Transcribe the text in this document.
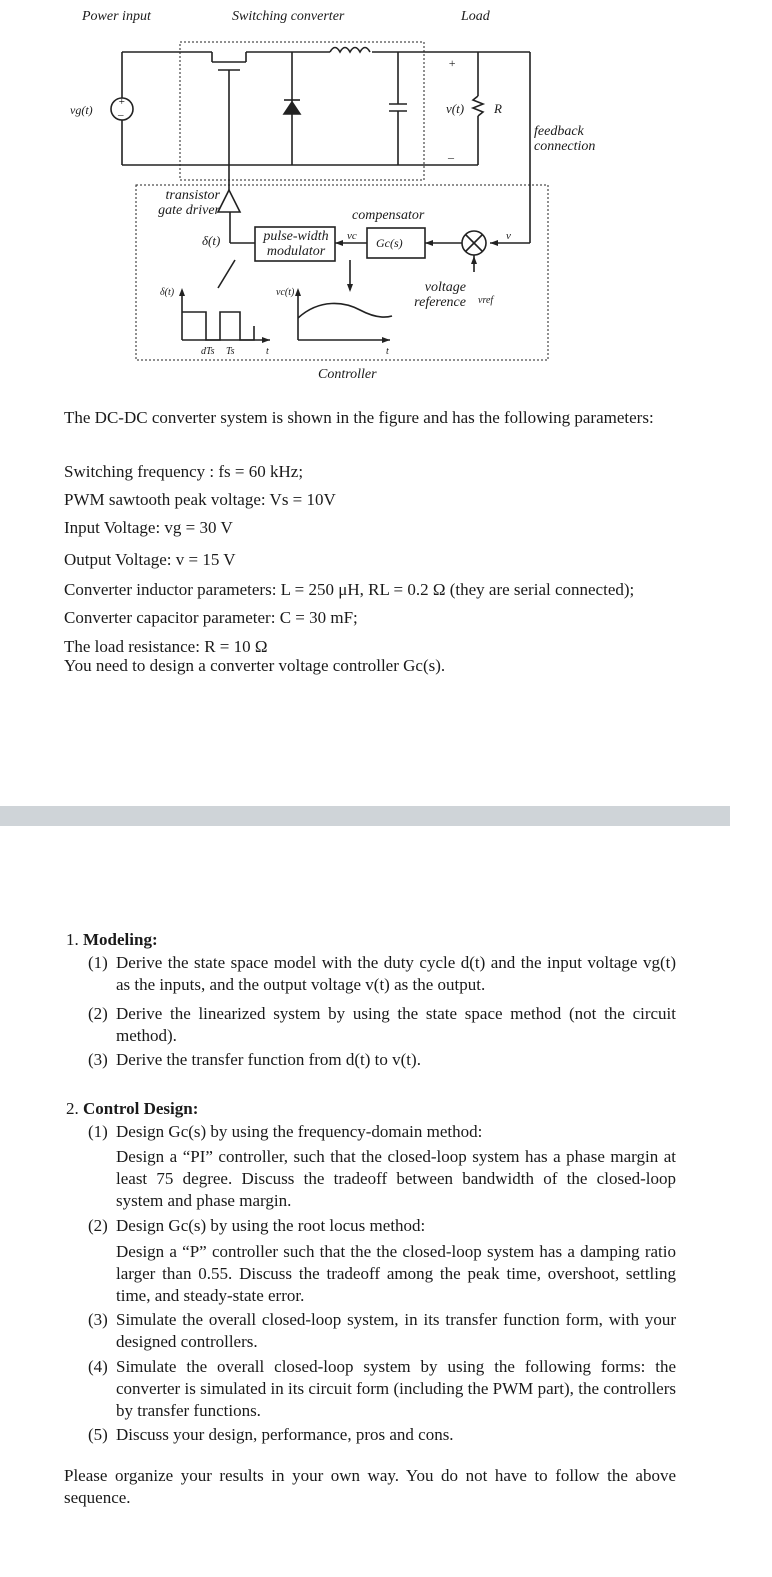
+
–
Power input	Switching converter	Load
vg(t)
+
–
v(t) R
feedback connection
transistor gate driver
δ(t)
compensator
pulse-width modulator
vc Gc(s)	v
voltage reference vref
δ(t)	vc(t)
dTs Ts	t	t
Controller
The DC-DC converter system is shown in the figure and has the following parameters:
Switching frequency : fs = 60 kHz;
PWM sawtooth peak voltage: Vs = 10V
Input Voltage: vg = 30 V
Output Voltage: v = 15 V
Converter inductor parameters: L = 250 μH, RL = 0.2 Ω (they are serial connected);
Converter capacitor parameter: C = 30 mF;
The load resistance: R = 10 Ω
You need to design a converter voltage controller Gc(s).
1. Modeling:
(1) Derive the state space model with the duty cycle d(t) and the input voltage vg(t) as the inputs, and the output voltage v(t) as the output.
(2) Derive the linearized system by using the state space method (not the circuit method).
(3) Derive the transfer function from d(t) to v(t).
2. Control Design:
(1) Design Gc(s) by using the frequency-domain method:
Design a “PI” controller, such that the closed-loop system has a phase margin at least 75 degree. Discuss the tradeoff between bandwidth of the closed-loop system and phase margin.
(2) Design Gc(s) by using the root locus method:
Design a “P” controller such that the the closed-loop system has a damping ratio larger than 0.55. Discuss the tradeoff among the peak time, overshoot, settling time, and steady-state error.
(3) Simulate the overall closed-loop system, in its transfer function form, with your designed controllers.
(4) Simulate the overall closed-loop system by using the following forms: the converter is simulated in its circuit form (including the PWM part), the controllers by transfer functions.
(5) Discuss your design, performance, pros and cons.
Please organize your results in your own way. You do not have to follow the above sequence.
